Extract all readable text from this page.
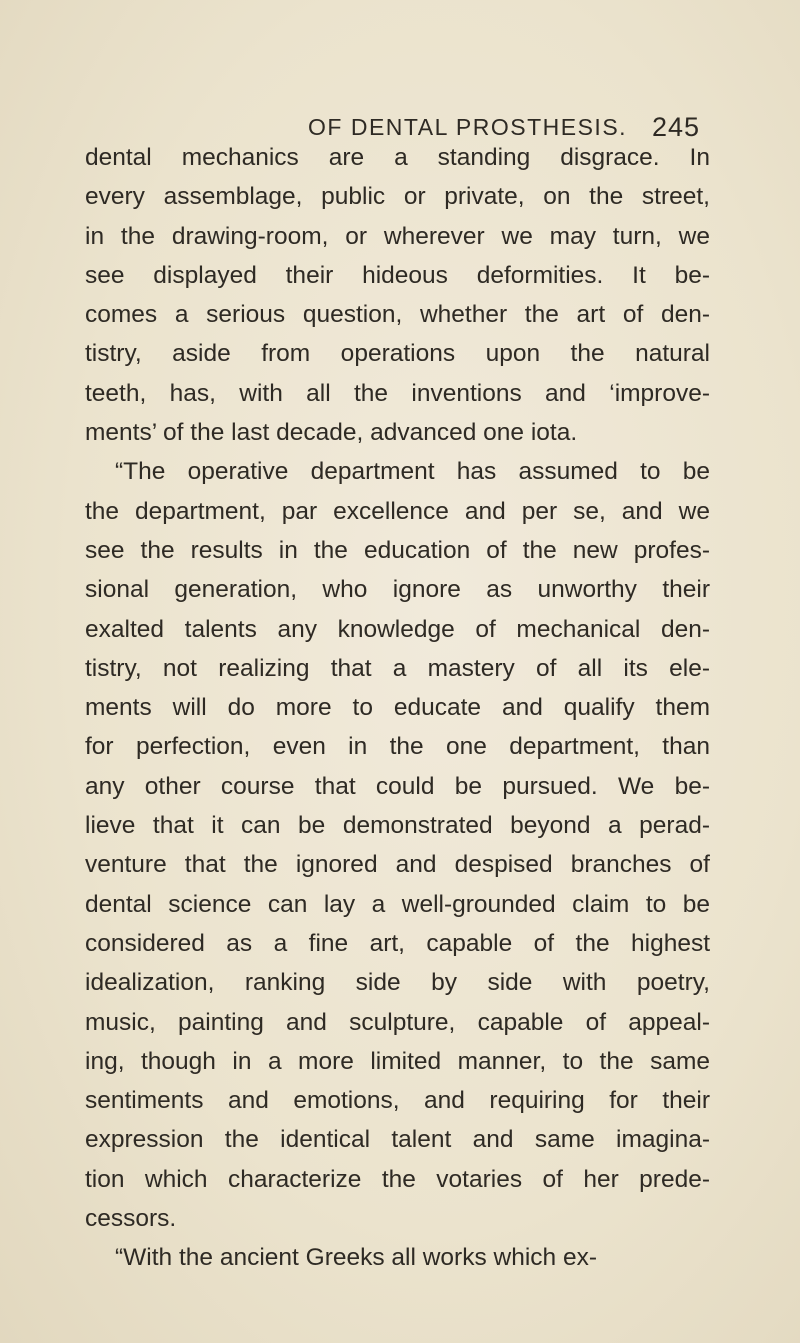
OF DENTAL PROSTHESIS. 245
dental mechanics are a standing disgrace. In
every assemblage, public or private, on the street,
in the drawing-room, or wherever we may turn, we
see displayed their hideous deformities. It be-
comes a serious question, whether the art of den-
tistry, aside from operations upon the natural
teeth, has, with all the inventions and ‘improve-
ments’ of the last decade, advanced one iota.
“The operative department has assumed to be
the department, par excellence and per se, and we
see the results in the education of the new profes-
sional generation, who ignore as unworthy their
exalted talents any knowledge of mechanical den-
tistry, not realizing that a mastery of all its ele-
ments will do more to educate and qualify them
for perfection, even in the one department, than
any other course that could be pursued. We be-
lieve that it can be demonstrated beyond a perad-
venture that the ignored and despised branches of
dental science can lay a well-grounded claim to be
considered as a fine art, capable of the highest
idealization, ranking side by side with poetry,
music, painting and sculpture, capable of appeal-
ing, though in a more limited manner, to the same
sentiments and emotions, and requiring for their
expression the identical talent and same imagina-
tion which characterize the votaries of her prede-
cessors.
“With the ancient Greeks all works which ex-
